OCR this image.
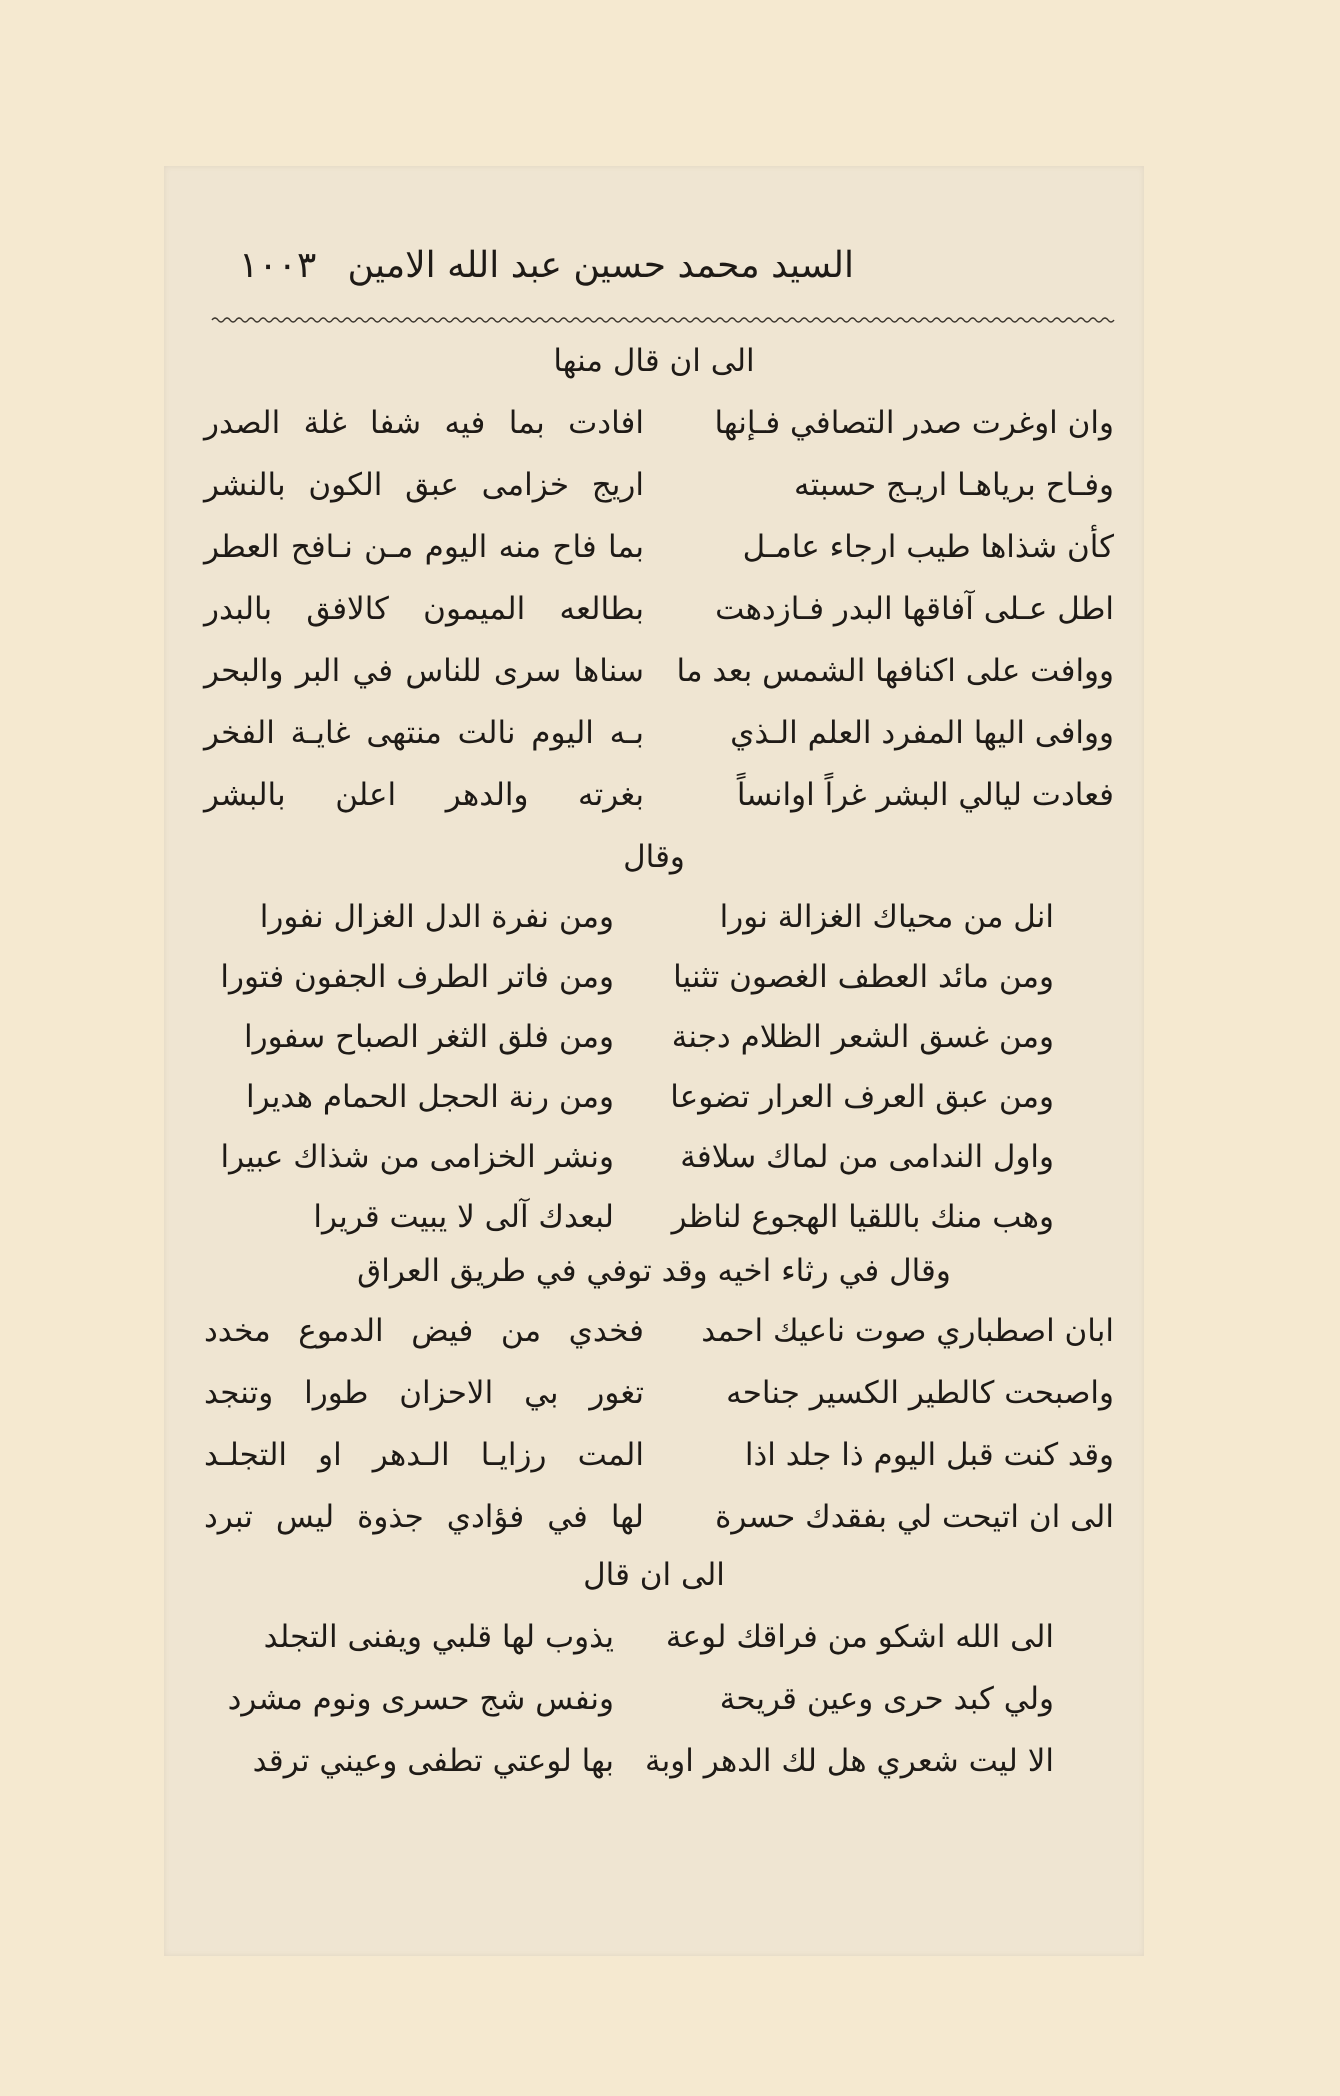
السيد محمد حسين عبد الله الامين
١٠٠٣
الى ان قال منها
وان اوغرت صدر التصافي فـإنها
افادت بما فيه شفا غلة الصدر
وفـاح برياهـا اريـج حسبته
اريج خزامى عبق الكون بالنشر
كأن شذاها طيب ارجاء عامـل
بما فاح منه اليوم مـن نـافح العطر
اطل عـلى آفاقها البدر فـازدهت
بطالعه الميمون كالافق بالبدر
ووافت على اكنافها الشمس بعد ما
سناها سرى للناس في البر والبحر
ووافى اليها المفرد العلم الـذي
بـه اليوم نالت منتهى غايـة الفخر
فعادت ليالي البشر غراً اوانساً
بغرته والدهر اعلن بالبشر
وقال
انل من محياك الغزالة نورا
ومن نفرة الدل الغزال نفورا
ومن مائد العطف الغصون تثنيا
ومن فاتر الطرف الجفون فتورا
ومن غسق الشعر الظلام دجنة
ومن فلق الثغر الصباح سفورا
ومن عبق العرف العرار تضوعا
ومن رنة الحجل الحمام هديرا
واول الندامى من لماك سلافة
ونشر الخزامى من شذاك عبيرا
وهب منك باللقيا الهجوع لناظر
لبعدك آلى لا يبيت قريرا
وقال في رثاء اخيه وقد توفي في طريق العراق
ابان اصطباري صوت ناعيك احمد
فخدي من فيض الدموع مخدد
واصبحت كالطير الكسير جناحه
تغور بي الاحزان طورا وتنجد
وقد كنت قبل اليوم ذا جلد اذا
المت رزايـا الـدهر او التجلـد
الى ان اتيحت لي بفقدك حسرة
لها في فؤادي جذوة ليس تبرد
الى ان قال
الى الله اشكو من فراقك لوعة
يذوب لها قلبي ويفنى التجلد
ولي كبد حرى وعين قريحة
ونفس شج حسرى ونوم مشرد
الا ليت شعري هل لك الدهر اوبة
بها لوعتي تطفى وعيني ترقد
